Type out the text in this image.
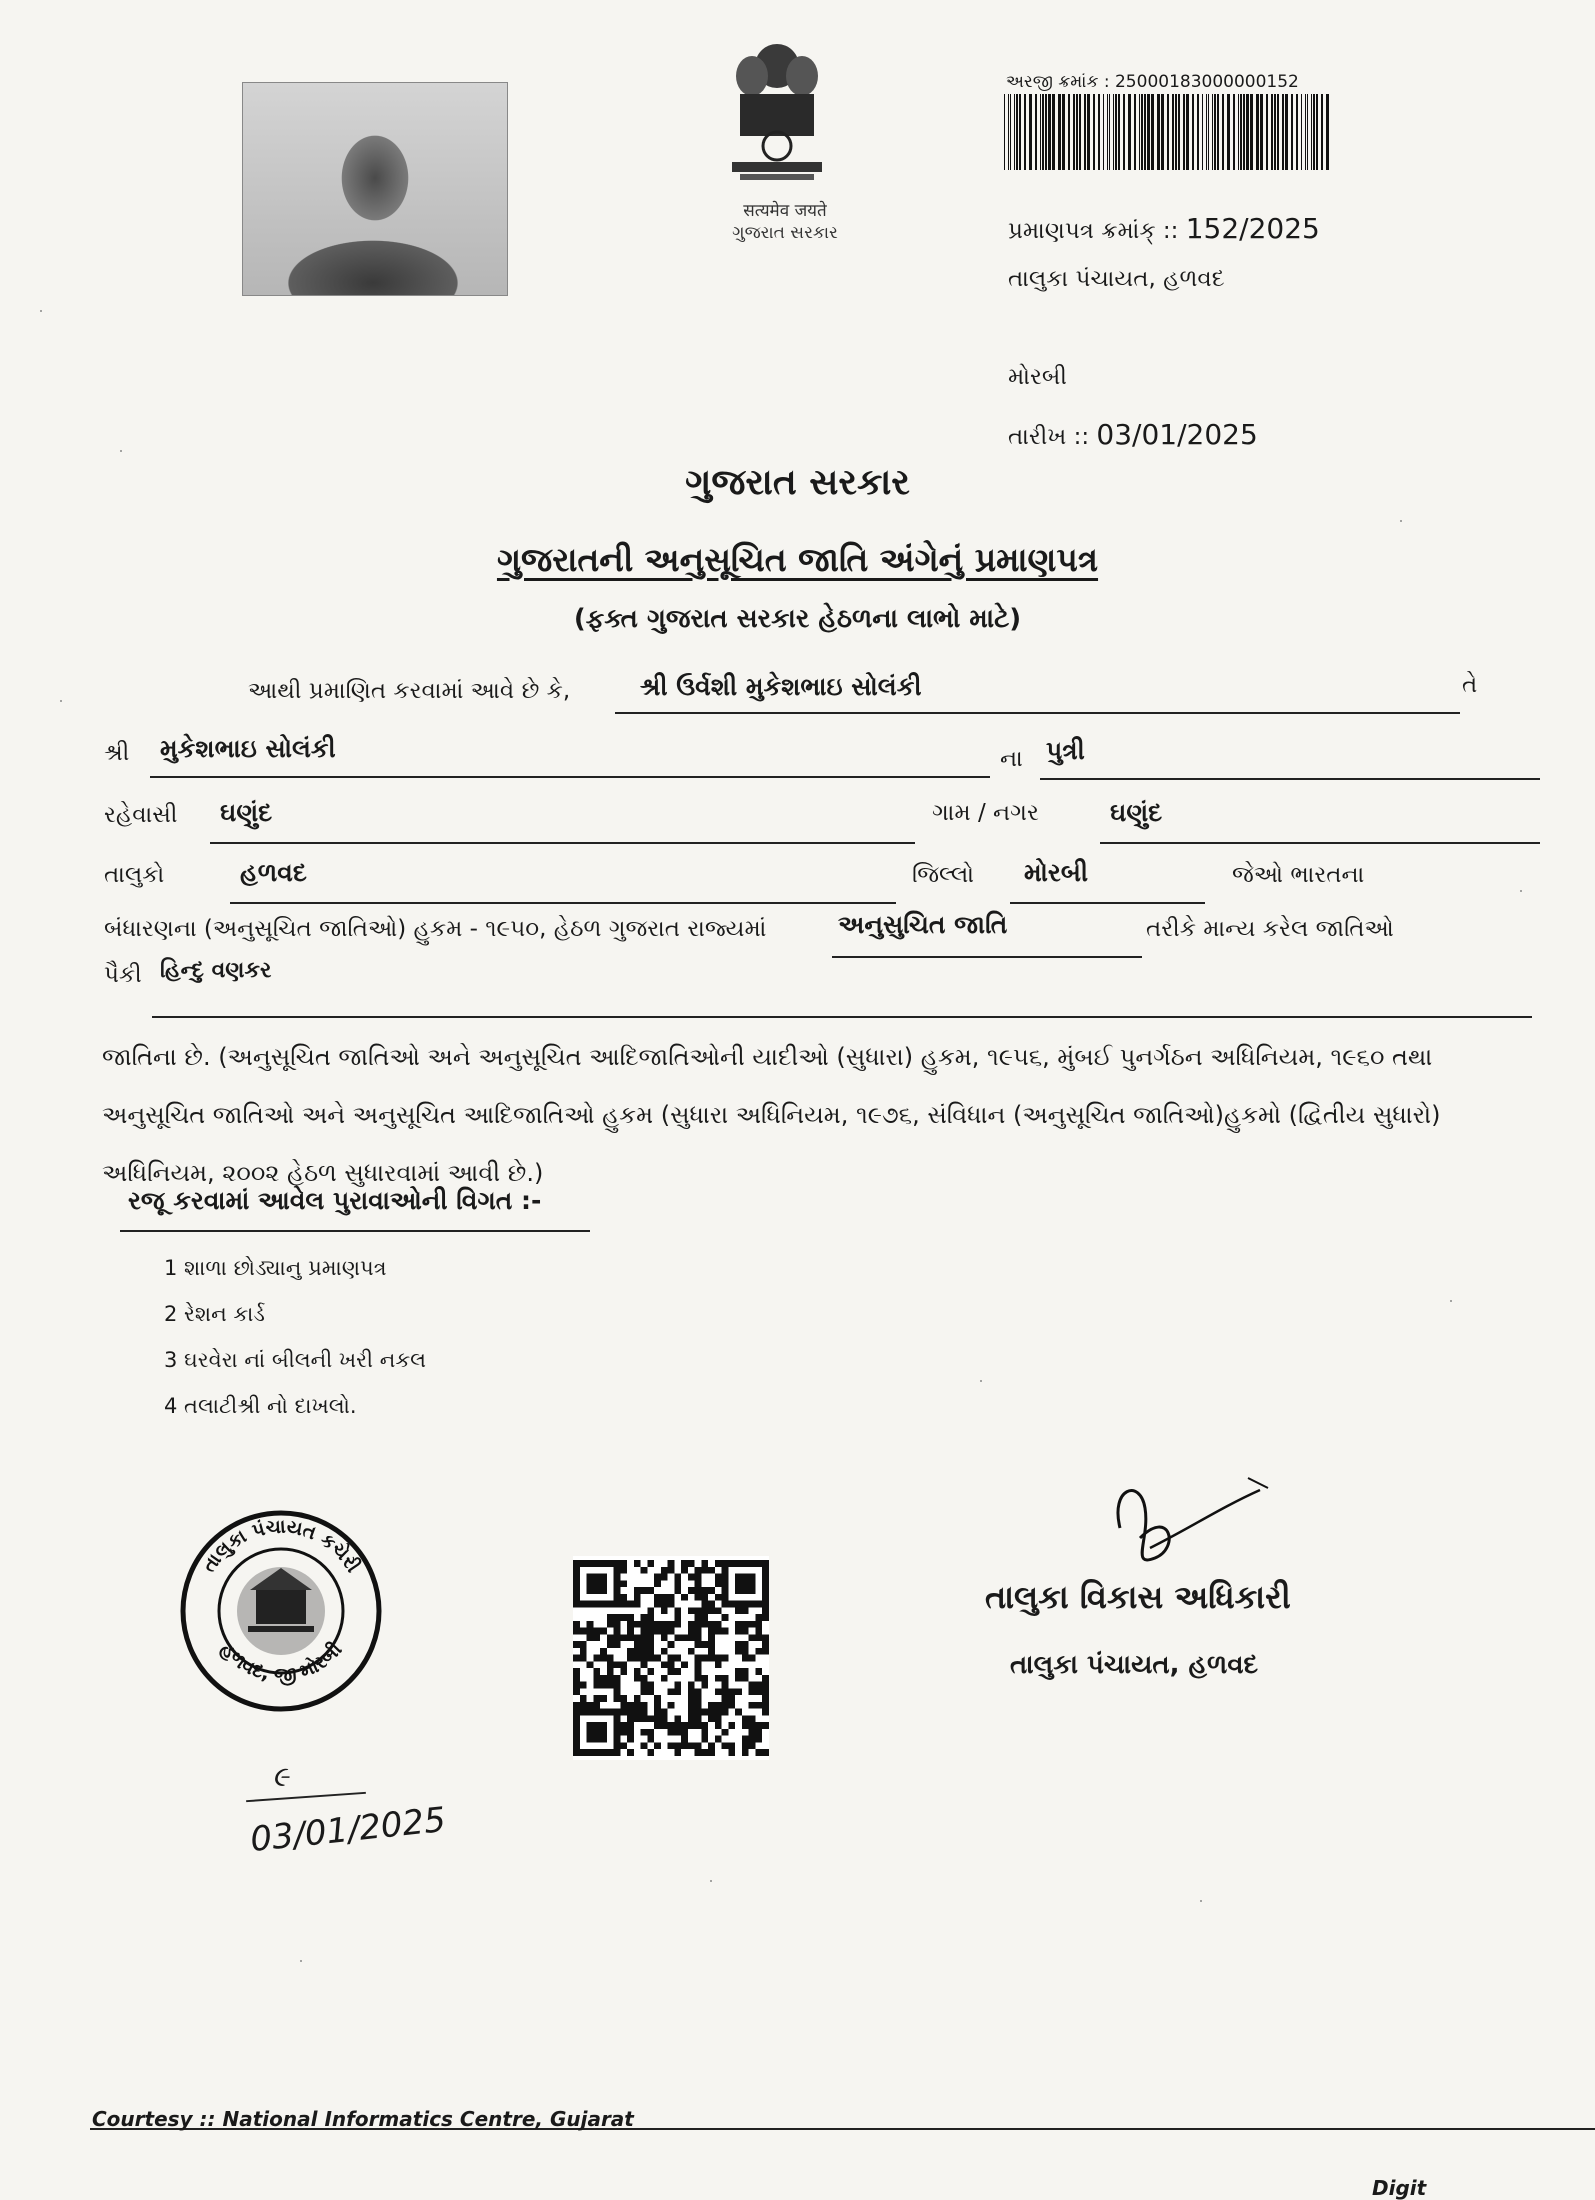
सत्यमेव जयते
ગુજરાત સરકાર
અરજી ક્રમાંક : 250001830000001​52
પ્રમાણપત્ર ક્રમાંક્ :: 152/2025
તાલુકા પંચાયત, હળવદ
મોરબી
તારીખ :: 03/01/2025
ગુજરાત સરકાર
ગુજરાતની અનુસૂચિત જાતિ અંગેનું પ્રમાણપત્ર
(ફક્ત ગુજરાત સરકાર હેઠળના લાભો માટે)
આથી પ્રમાણિત કરવામાં આવે છે કે,	શ્રી ઉર્વશી મુકેશભાઇ સોલંકી	તે
શ્રી મુકેશભાઇ સોલંકી	ના પુત્રી
રહેવાસી ઘણુંદ	ગામ / નગર	ઘણુંદ
તાલુકો	હળવદ	જિલ્લો મોરબી	જેઓ ભારતના
બંધારણના (અનુસૂચિત જાતિઓ) હુકમ - ૧૯૫૦, હેઠળ ગુજરાત રાજ્યમાં	અનુસુચિત જાતિ	તરીકે માન્ય કરેલ જાતિઓ
પૈકી હિન્દુ વણકર
જાતિના છે. (અનુસૂચિત જાતિઓ અને અનુસૂચિત આદિજાતિઓની યાદીઓ (સુધારા) હુકમ, ૧૯૫૬, મુંબઈ પુનર્ગઠન અધિનિયમ, ૧૯૬૦ તથા અનુસૂચિત જાતિઓ અને અનુસૂચિત આદિજાતિઓ હુકમ (સુધારા અધિનિયમ, ૧૯૭૬, સંવિધાન (અનુસૂચિત જાતિઓ)હુકમો (દ્વિતીય સુધારો) અધિનિયમ, ૨૦૦૨ હેઠળ સુધારવામાં આવી છે.)
રજૂ કરવામાં આવેલ પુરાવાઓની વિગત :-
1 શાળા છોડ્યાનુ પ્રમાણપત્ર
2 રેશન કાર્ડ
3 ઘરવેરા નાં બીલની ખરી નકલ
4 તલાટીશ્રી નો દાખલો.
તાલુકા પંચાયત કચેરી
હળવદ, જી મોરબી
તાલુકા વિકાસ અધિકારી
તાલુકા પંચાયત, હળવદ
૯
03/01/2025
Courtesy :: National Informatics Centre, Gujarat
Digit
